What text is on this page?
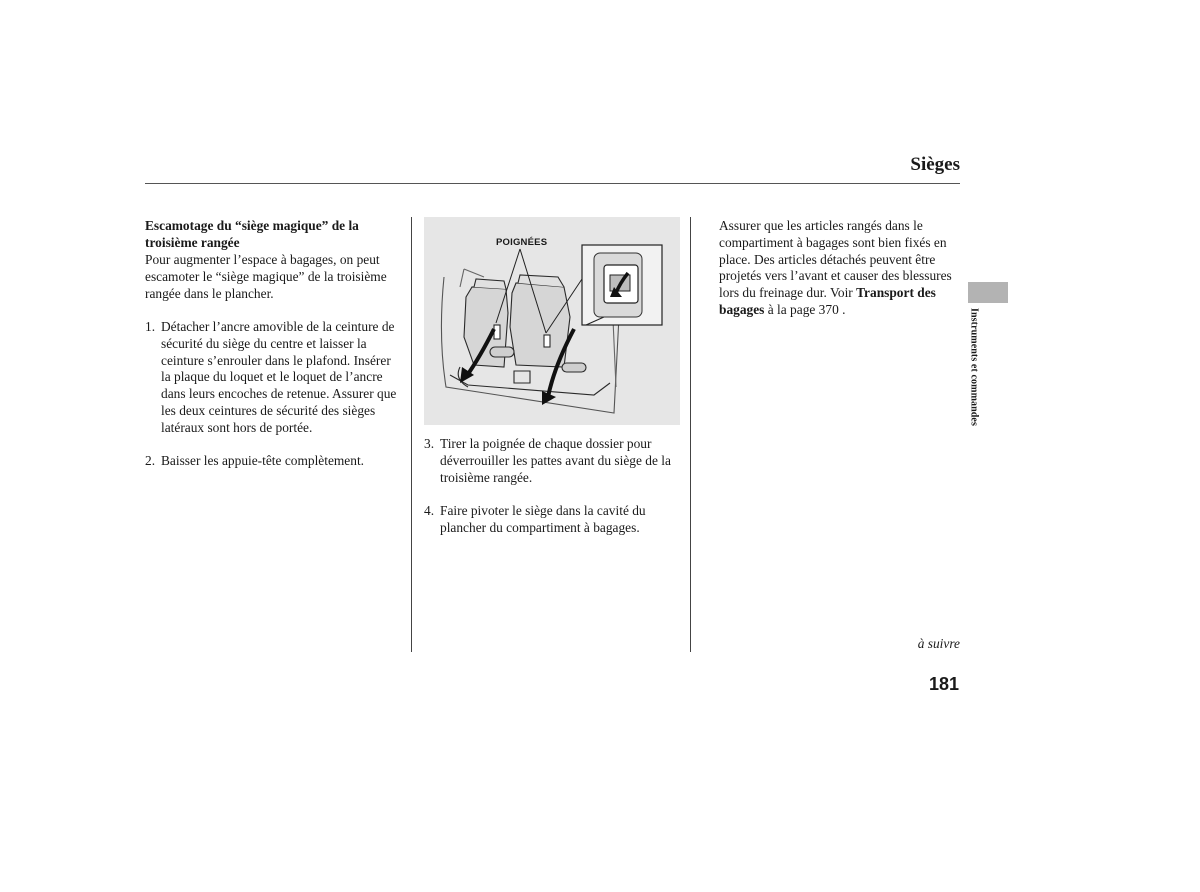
Sièges

Escamotage du “siège magique” de la troisième rangée

Pour augmenter l’espace à bagages, on peut escamoter le “siège magique” de la troisième rangée dans le plancher.

1. Détacher l’ancre amovible de la ceinture de sécurité du siège du centre et laisser la ceinture s’enrouler dans le plafond. Insérer la plaque du loquet et le loquet de l’ancre dans leurs encoches de retenue. Assurer que les deux ceintures de sécurité des sièges latéraux sont hors de portée.
2. Baisser les appuie-tête complètement.
POIGNÉES
3. Tirer la poignée de chaque dossier pour déverrouiller les pattes avant du siège de la troisième rangée.
4. Faire pivoter le siège dans la cavité du plancher du compartiment à bagages.

Assurer que les articles rangés dans le compartiment à bagages sont bien fixés en place. Des articles détachés peuvent être projetés vers l’avant et causer des blessures lors du freinage dur. Voir Transport des bagages à la page 370 .

à suivre
181
Instruments et commandes
